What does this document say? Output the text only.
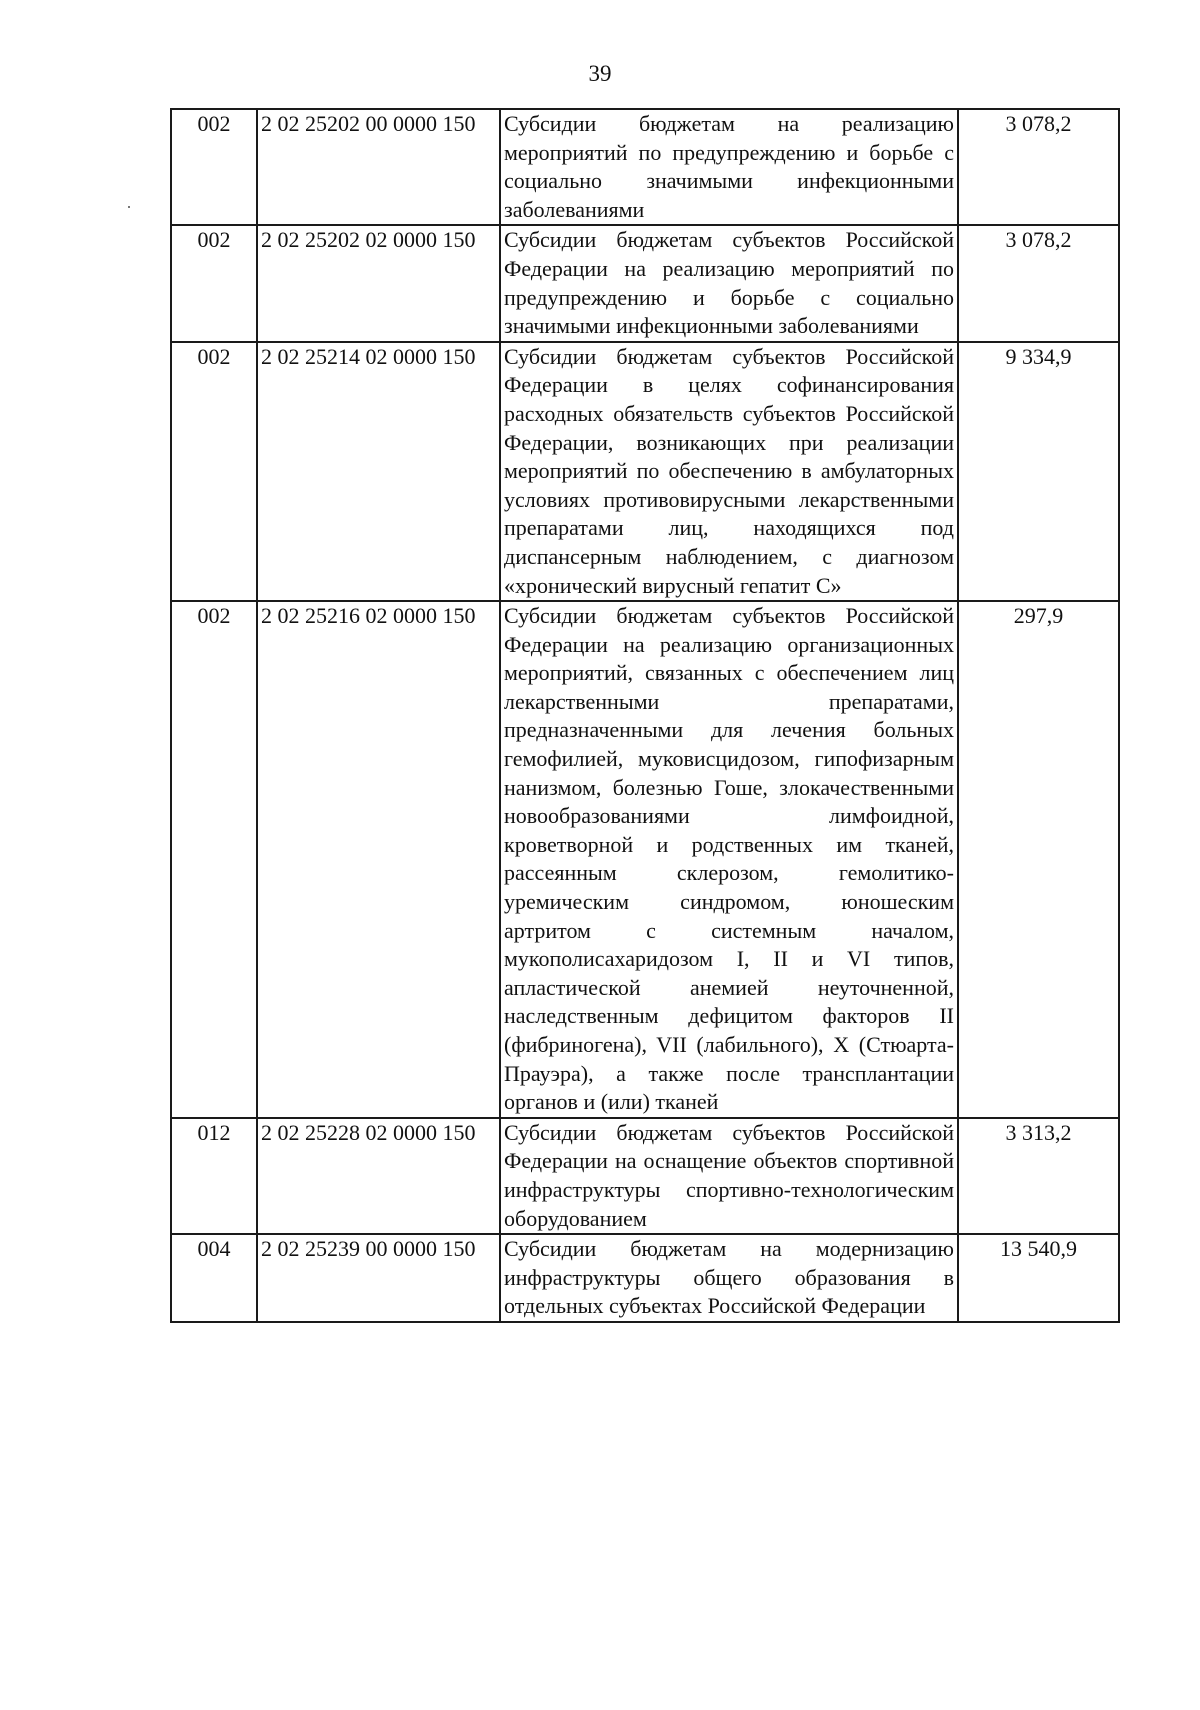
39
002	2 02 25202 00 0000 150	Субсидии бюджетам на реализацию мероприятий по предупреждению и борьбе с социально значимыми инфекционными заболеваниями	3 078,2
002	2 02 25202 02 0000 150	Субсидии бюджетам субъектов Российской Федерации на реализацию мероприятий по предупреждению и борьбе с социально значимыми инфекционными заболеваниями	3 078,2
002	2 02 25214 02 0000 150	Субсидии бюджетам субъектов Российской Федерации в целях софинансирования расходных обязательств субъектов Российской Федерации, возникающих при реализации мероприятий по обеспечению в амбулаторных условиях противовирусными лекарственными препаратами лиц, находящихся под диспансерным наблюдением, с диагнозом «хронический вирусный гепатит С»	9 334,9
002	2 02 25216 02 0000 150	Субсидии бюджетам субъектов Российской Федерации на реализацию организационных мероприятий, связанных с обеспечением лиц лекарственными препаратами, предназначенными для лечения больных гемофилией, муковисцидозом, гипофизарным нанизмом, болезнью Гоше, злокачественными новообразованиями лимфоидной, кроветворной и родственных им тканей, рассеянным склерозом, гемолитико-уремическим синдромом, юношеским артритом с системным началом, мукополисахаридозом I, II и VI типов, апластической анемией неуточненной, наследственным дефицитом факторов II (фибриногена), VII (лабильного), X (Стюарта-Прауэра), а также после трансплантации органов и (или) тканей	297,9
012	2 02 25228 02 0000 150	Субсидии бюджетам субъектов Российской Федерации на оснащение объектов спортивной инфраструктуры спортивно-технологическим оборудованием	3 313,2
004	2 02 25239 00 0000 150	Субсидии бюджетам на модернизацию инфраструктуры общего образования в отдельных субъектах Российской Федерации	13 540,9
